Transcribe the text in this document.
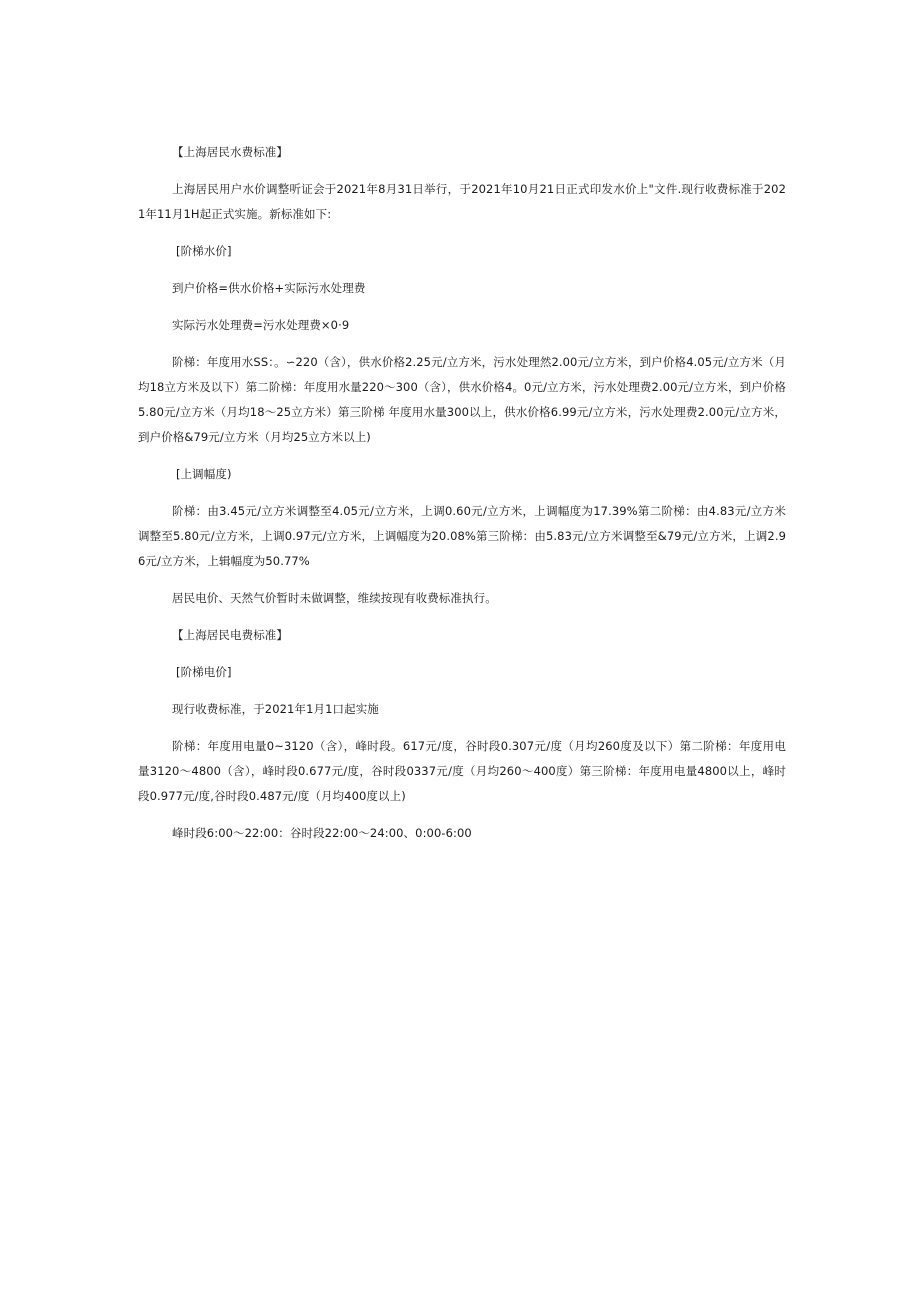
【上海居民水费标准】

上海居民用户水价调整听证会于2021年8月31日举行，于2021年10月21日正式印发水价上"文件.现行收费标准于2021年11月1H起正式实施。新标准如下:

[阶梯水价]

到户价格=供水价格+实际污水处理费

实际污水处理费=污水处理费×0·9

阶梯：年度用水SS：。∽220（含），供水价格2.25元/立方米，污水处理然2.00元/立方米，到户价格4.05元/立方米（月均18立方米及以下）第二阶梯：年度用水量220～300（含），供水价格4。0元/立方米，污水处理费2.00元/立方米，到户价格5.80元/立方米（月均18～25立方米）第三阶梯 年度用水量300以上，供水价格6.99元/立方米，污水处理费2.00元/立方米，到户价格&79元/立方米（月均25立方米以上)

[上调幅度)

阶梯：由3.45元/立方米调整至4.05元/立方米，上调0.60元/立方米，上调幅度为17.39%第二阶梯：由4.83元/立方米调整至5.80元/立方米，上调0.97元/立方米，上调幅度为20.08%第三阶梯：由5.83元/立方米调整至&79元/立方米，上调2.96元/立方米，上辑幅度为50.77%

居民电价、天然气价暂时未做调整，维续按现有收费标准执行。

【上海居民电费标准】

[阶梯电价]

现行收费标准，于2021年1月1口起实施

阶梯：年度用电量0~3120（含），峰时段。617元/度，谷时段0.307元/度（月均260度及以下）第二阶梯：年度用电量3120～4800（含），峰时段0.677元/度，谷时段0337元/度（月均260～400度）第三阶梯：年度用电量4800以上，峰时段0.977元/度,谷时段0.487元/度（月均400度以上)

峰时段6:00～22:00：谷时段22:00～24:00、0:00-6:00
